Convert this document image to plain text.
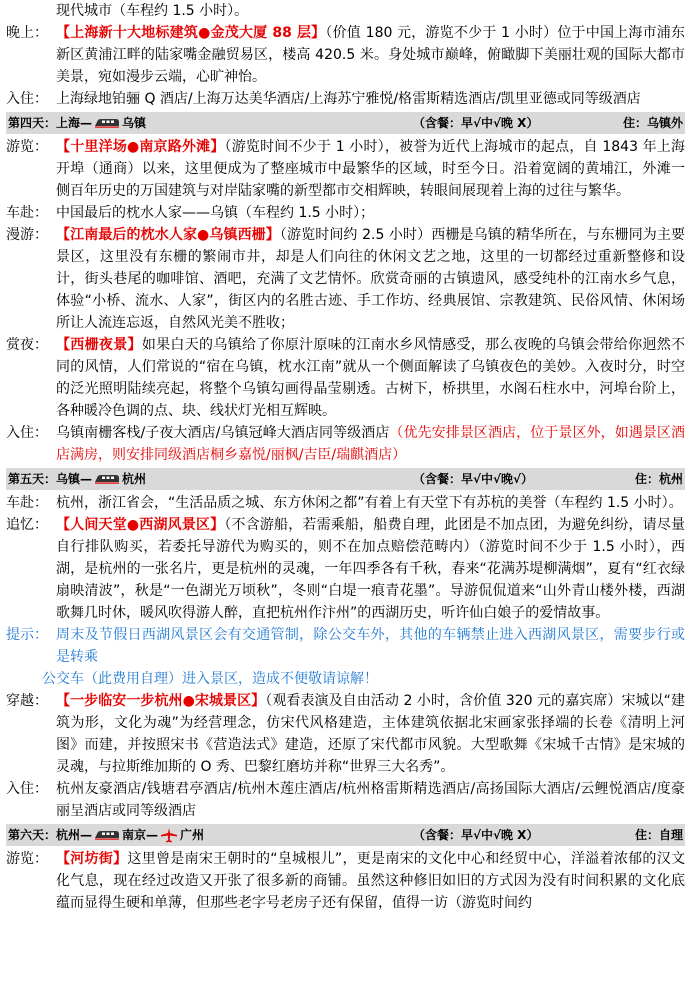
现代城市（车程约 1.5 小时）。
晚上： 【上海新十大地标建筑●金茂大厦 88 层】（价值 180 元，游览不少于 1 小时）位于中国上海市浦东新区黄浦江畔的陆家嘴金融贸易区，楼高 420.5 米。身处城市巅峰，俯瞰脚下美丽壮观的国际大都市美景，宛如漫步云端，心旷神怡。
入住： 上海绿地铂骊 Q 酒店/上海万达美华酒店/上海苏宁雅悦/格雷斯精选酒店/凯里亚德或同等级酒店
第四天：上海—	乌镇	（含餐：早√中√晚 X）	住：乌镇外
游览： 【十里洋场●南京路外滩】（游览时间不少于 1 小时），被誉为近代上海城市的起点，自 1843 年上海开埠（通商）以来，这里便成为了整座城市中最繁华的区域，时至今日。沿着宽阔的黄埔江，外滩一侧百年历史的万国建筑与对岸陆家嘴的新型都市交相辉映，转眼间展现着上海的过往与繁华。
车赴： 中国最后的枕水人家——乌镇（车程约 1.5 小时）；
漫游： 【江南最后的枕水人家●乌镇西栅】（游览时间约 2.5 小时）西栅是乌镇的精华所在，与东栅同为主要景区，这里没有东栅的繁闹市井，却是人们向往的休闲文艺之地，这里的一切都经过重新整修和设计，街头巷尾的咖啡馆、酒吧，充满了文艺情怀。欣赏奇丽的古镇遗风，感受纯朴的江南水乡气息，体验“小桥、流水、人家”，街区内的名胜古迹、手工作坊、经典展馆、宗教建筑、民俗风情、休闲场所让人流连忘返，自然风光美不胜收；
赏夜： 【西栅夜景】如果白天的乌镇给了你原汁原味的江南水乡风情感受，那么夜晚的乌镇会带给你迥然不同的风情，人们常说的“宿在乌镇，枕水江南”就从一个侧面解读了乌镇夜色的美妙。入夜时分，时空的泛光照明陆续亮起，将整个乌镇勾画得晶莹剔透。古树下，桥拱里，水阁石柱水中，河埠台阶上，各种暖冷色调的点、块、线状灯光相互辉映。
入住： 乌镇南栅客栈/子夜大酒店/乌镇冠峰大酒店同等级酒店（优先安排景区酒店，位于景区外，如遇景区酒店满房，则安排同级酒店桐乡嘉悦/丽枫/吉臣/瑞麒酒店）
第五天：乌镇—	杭州	（含餐：早√中√晚√）	住：杭州
车赴： 杭州，浙江省会，“生活品质之城、东方休闲之都”有着上有天堂下有苏杭的美誉（车程约 1.5 小时）。
追忆： 【人间天堂●西湖风景区】（不含游船，若需乘船，船费自理，此团是不加点团，为避免纠纷，请尽量自行排队购买，若委托导游代为购买的，则不在加点赔偿范畴内）（游览时间不少于 1.5 小时），西湖，是杭州的一张名片，更是杭州的灵魂，一年四季各有千秋，春来“花满苏堤柳满烟”，夏有“红衣绿扇映清波”，秋是“一色湖光万顷秋”，冬则“白堤一痕青花墨”。导游侃侃道来“山外青山楼外楼，西湖歌舞几时休，暖风吹得游人醉，直把杭州作汴州”的西湖历史，听许仙白娘子的爱情故事。
提示： 周末及节假日西湖风景区会有交通管制，除公交车外，其他的车辆禁止进入西湖风景区，需要步行或是转乘
公交车（此费用自理）进入景区，造成不便敬请谅解！
穿越： 【一步临安一步杭州●宋城景区】（观看表演及自由活动 2 小时，含价值 320 元的嘉宾席）宋城以“建筑为形，文化为魂”为经营理念，仿宋代风格建造，主体建筑依据北宋画家张择端的长卷《清明上河图》而建，并按照宋书《营造法式》建造，还原了宋代都市风貌。大型歌舞《宋城千古情》是宋城的灵魂，与拉斯维加斯的 O 秀、巴黎红磨坊并称“世界三大名秀”。
入住： 杭州友豪酒店/钱塘君亭酒店/杭州木莲庄酒店/杭州格雷斯精选酒店/高扬国际大酒店/云鲤悦酒店/度豪丽呈酒店或同等级酒店
第六天：杭州—	南京— 广州	（含餐：早√中√晚 X）	住：自理
游览： 【河坊街】这里曾是南宋王朝时的“皇城根儿”，更是南宋的文化中心和经贸中心，洋溢着浓郁的汉文化气息，现在经过改造又开张了很多新的商铺。虽然这种修旧如旧的方式因为没有时间积累的文化底蕴而显得生硬和单薄，但那些老字号老房子还有保留，值得一访（游览时间约
